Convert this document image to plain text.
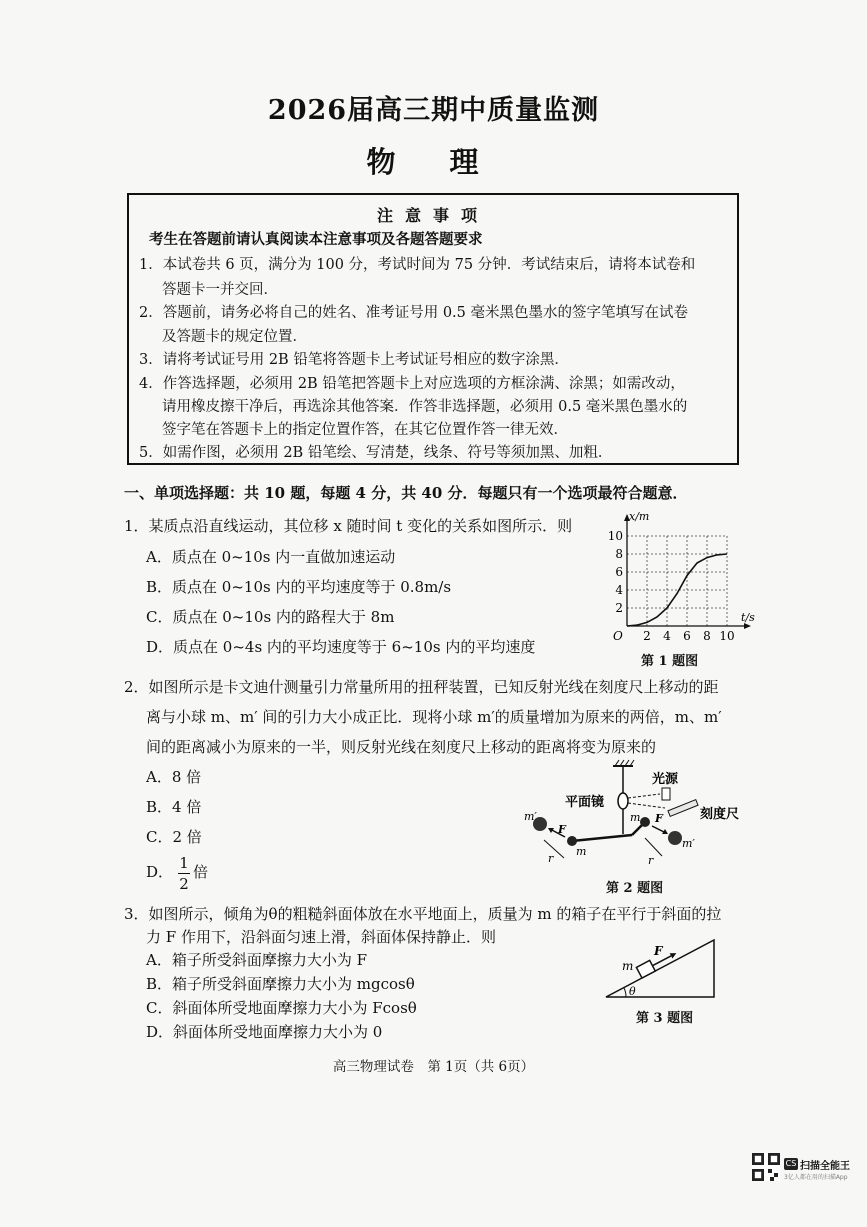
2026届高三期中质量监测
物 理
注意事项
考生在答题前请认真阅读本注意事项及各题答题要求
1．本试卷共 6 页，满分为 100 分，考试时间为 75 分钟．考试结束后，请将本试卷和
答题卡一并交回．
2．答题前，请务必将自己的姓名、准考证号用 0.5 毫米黑色墨水的签字笔填写在试卷
及答题卡的规定位置．
3．请将考试证号用 2B 铅笔将答题卡上考试证号相应的数字涂黑．
4．作答选择题，必须用 2B 铅笔把答题卡上对应选项的方框涂满、涂黑；如需改动，
请用橡皮擦干净后，再选涂其他答案．作答非选择题，必须用 0.5 毫米黑色墨水的
签字笔在答题卡上的指定位置作答，在其它位置作答一律无效．
5．如需作图，必须用 2B 铅笔绘、写清楚，线条、符号等须加黑、加粗．
一、单项选择题：共 10 题，每题 4 分，共 40 分．每题只有一个选项最符合题意．
1．某质点沿直线运动，其位移 x 随时间 t 变化的关系如图所示．则
A．质点在 0~10s 内一直做加速运动
B．质点在 0~10s 内的平均速度等于 0.8m/s
C．质点在 0~10s 内的路程大于 8m
D．质点在 0~4s 内的平均速度等于 6~10s 内的平均速度
2 4 6 8 10
2
4
6
8
10
O
t/s
x/m
第 1 题图
2．如图所示是卡文迪什测量引力常量所用的扭秤装置，已知反射光线在刻度尺上移动的距
离与小球 m、m′ 间的引力大小成正比．现将小球 m′的质量增加为原来的两倍，m、m′
间的距离减小为原来的一半，则反射光线在刻度尺上移动的距离将变为原来的
A．8 倍
B．4 倍
C．2 倍
D． 1
2
倍
平面镜
光源
刻度尺
m′
m′
m
m
F
F
r	r
第 2 题图
3．如图所示，倾角为θ的粗糙斜面体放在水平地面上，质量为 m 的箱子在平行于斜面的拉
力 F 作用下，沿斜面匀速上滑，斜面体保持静止．则
A．箱子所受斜面摩擦力大小为 F
B．箱子所受斜面摩擦力大小为 mgcosθ
C．斜面体所受地面摩擦力大小为 Fcosθ
D．斜面体所受地面摩擦力大小为 0
m
F
θ
第 3 题图
高三物理试卷　第 1页（共 6页）
CS 扫描全能王
3亿人都在用的扫描App
